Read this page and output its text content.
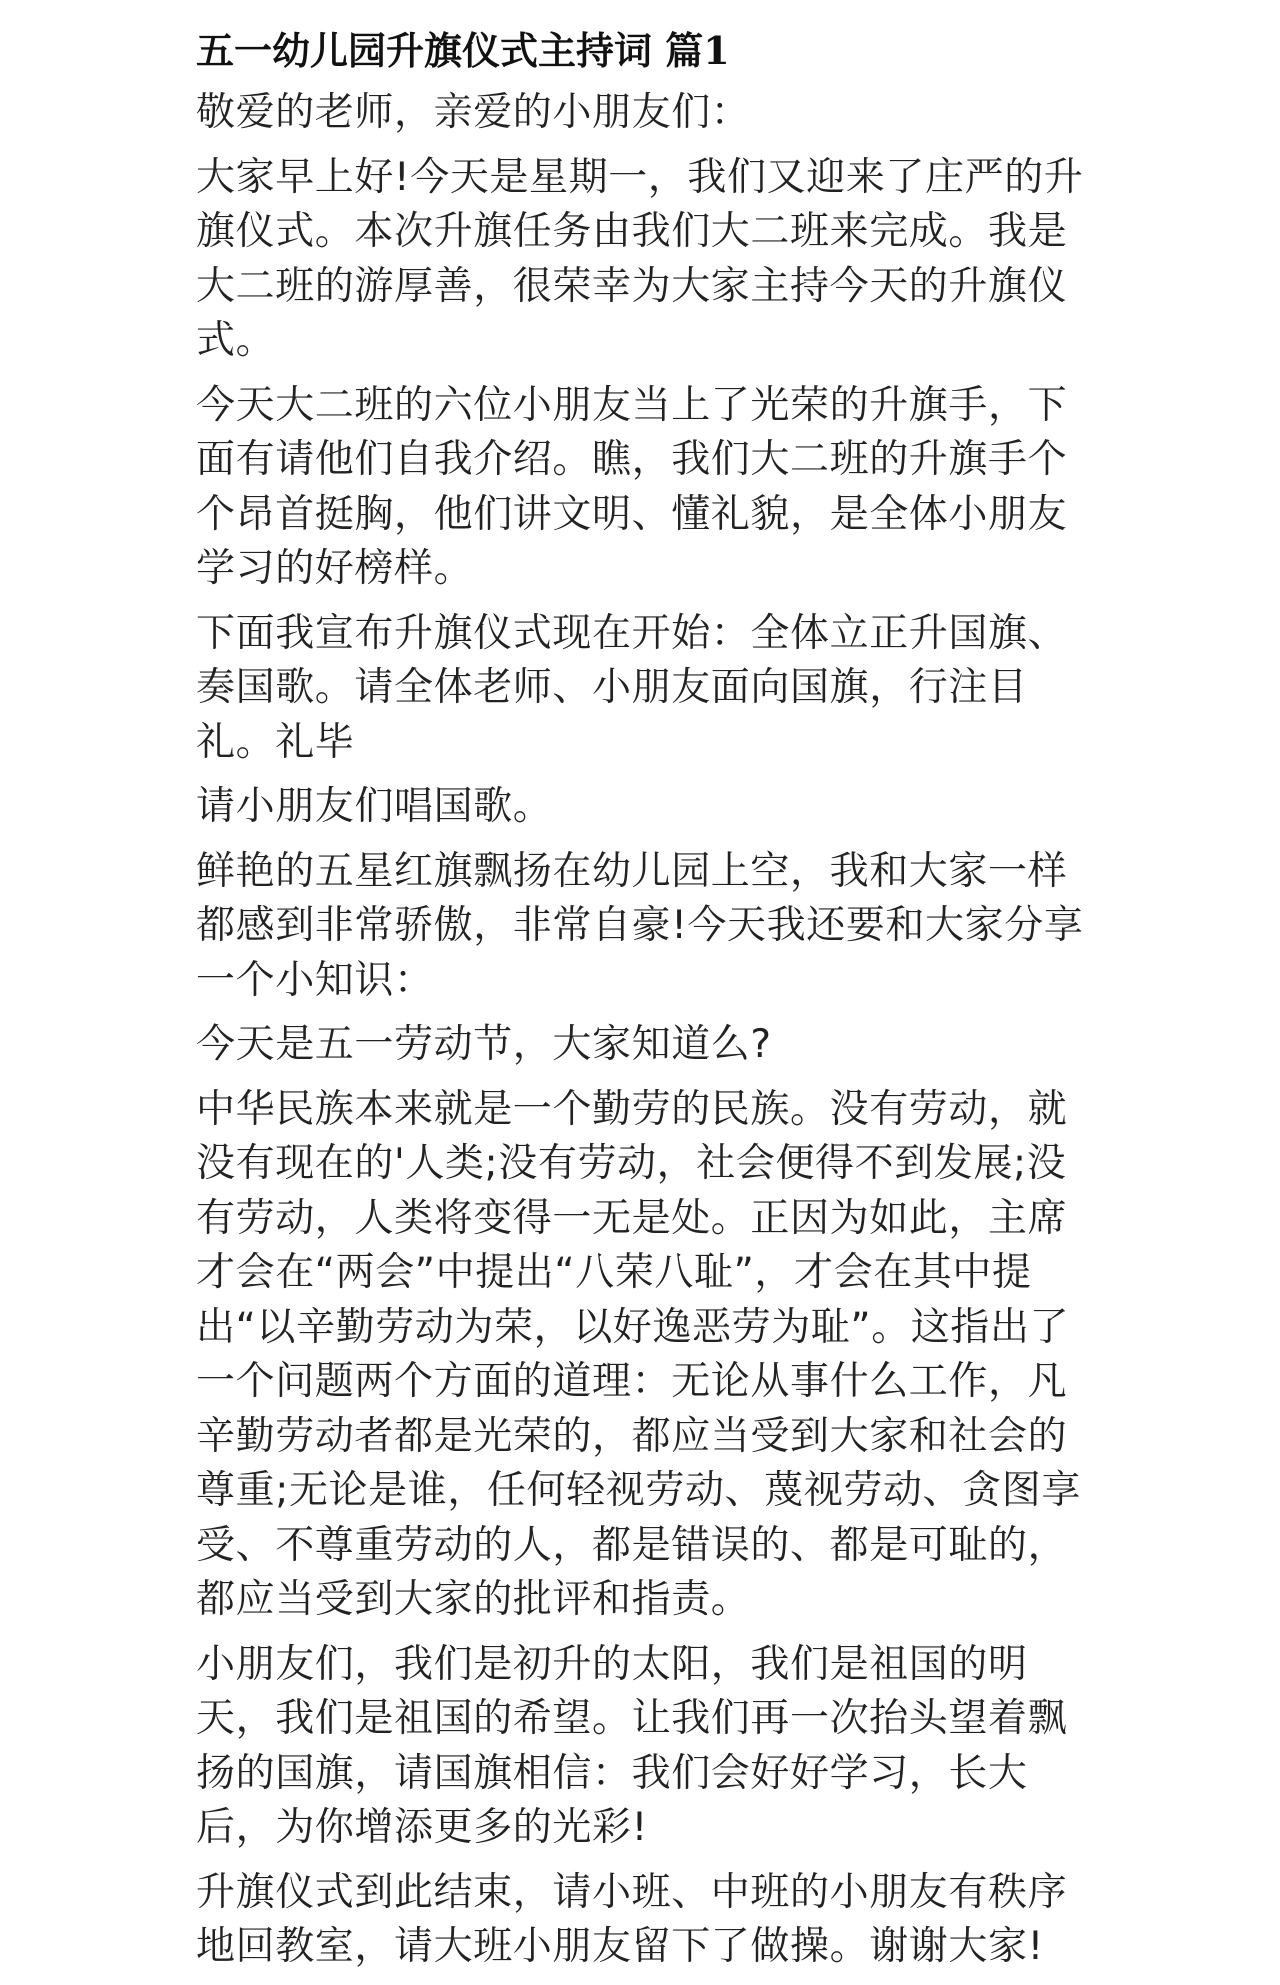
五一幼儿园升旗仪式主持词 篇1

敬爱的老师，亲爱的小朋友们：

大家早上好!今天是星期一，我们又迎来了庄严的升旗仪式。本次升旗任务由我们大二班来完成。我是大二班的游厚善，很荣幸为大家主持今天的升旗仪式。

今天大二班的六位小朋友当上了光荣的升旗手，下面有请他们自我介绍。瞧，我们大二班的升旗手个个昂首挺胸，他们讲文明、懂礼貌，是全体小朋友学习的好榜样。

下面我宣布升旗仪式现在开始：全体立正升国旗、奏国歌。请全体老师、小朋友面向国旗，行注目礼。礼毕

请小朋友们唱国歌。

鲜艳的五星红旗飘扬在幼儿园上空，我和大家一样都感到非常骄傲，非常自豪!今天我还要和大家分享一个小知识：

今天是五一劳动节，大家知道么?

中华民族本来就是一个勤劳的民族。没有劳动，就没有现在的'人类;没有劳动，社会便得不到发展;没有劳动，人类将变得一无是处。正因为如此，主席才会在“两会”中提出“八荣八耻”，才会在其中提出“以辛勤劳动为荣，以好逸恶劳为耻”。这指出了一个问题两个方面的道理：无论从事什么工作，凡辛勤劳动者都是光荣的，都应当受到大家和社会的尊重;无论是谁，任何轻视劳动、蔑视劳动、贪图享受、不尊重劳动的人，都是错误的、都是可耻的，都应当受到大家的批评和指责。

小朋友们，我们是初升的太阳，我们是祖国的明天，我们是祖国的希望。让我们再一次抬头望着飘扬的国旗，请国旗相信：我们会好好学习，长大后，为你增添更多的光彩!

升旗仪式到此结束，请小班、中班的小朋友有秩序地回教室，请大班小朋友留下了做操。谢谢大家!
